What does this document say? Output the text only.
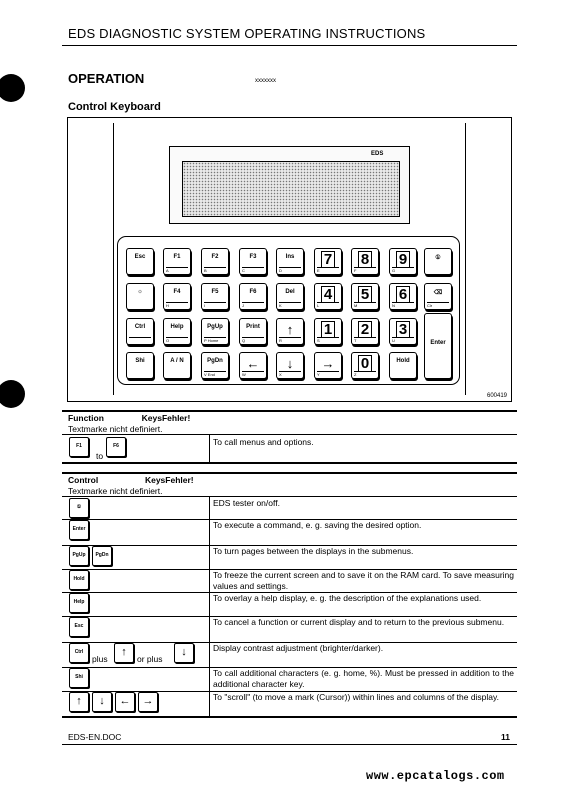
EDS DIAGNOSTIC SYSTEM OPERATING INSTRUCTIONS
OPERATION	xxxxxxx
Control Keyboard
EDS
Esc	F1
A
F2
B
F3
C
Ins
D
7
E
8
F
9
G
①
☼	F4
H
F5
I
F6
J
Del
K
4
L
5
M
6
N
⌫
Clr
Ctrl	Help
O
PgUp
P Home
Print
Q
↑
R
1
S
2
T
3
U
Shi	A / N	PgDn
V End
←
W
↓
X
→
Y
0
Z
Hold
Enter
600419
Function	KeysFehler!
Textmarke nicht definiert.
F1
to
F6	To call menus and options.
Control	KeysFehler!
Textmarke nicht definiert.
①	EDS tester on/off.
Enter	To execute a command, e. g. saving the desired option.
PgUp	PgDn	To turn pages between the displays in the submenus.
Hold	To freeze the current screen and to save it on the RAM card. To save measuring values and settings.
Help	To overlay a help display, e. g. the description of the explanations used.
Esc	To cancel a function or current display and to return to the previous submenu.
Ctrl
plus
↑
or plus
↓	Display contrast adjustment (brighter/darker).
Shi	To call additional characters (e. g. home, %). Must be pressed in addition to the additional character key.
↑	↓	←	→	To "scroll" (to move a mark (Cursor)) within lines and columns of the display.
EDS-EN.DOC	11
www.epcatalogs.com
